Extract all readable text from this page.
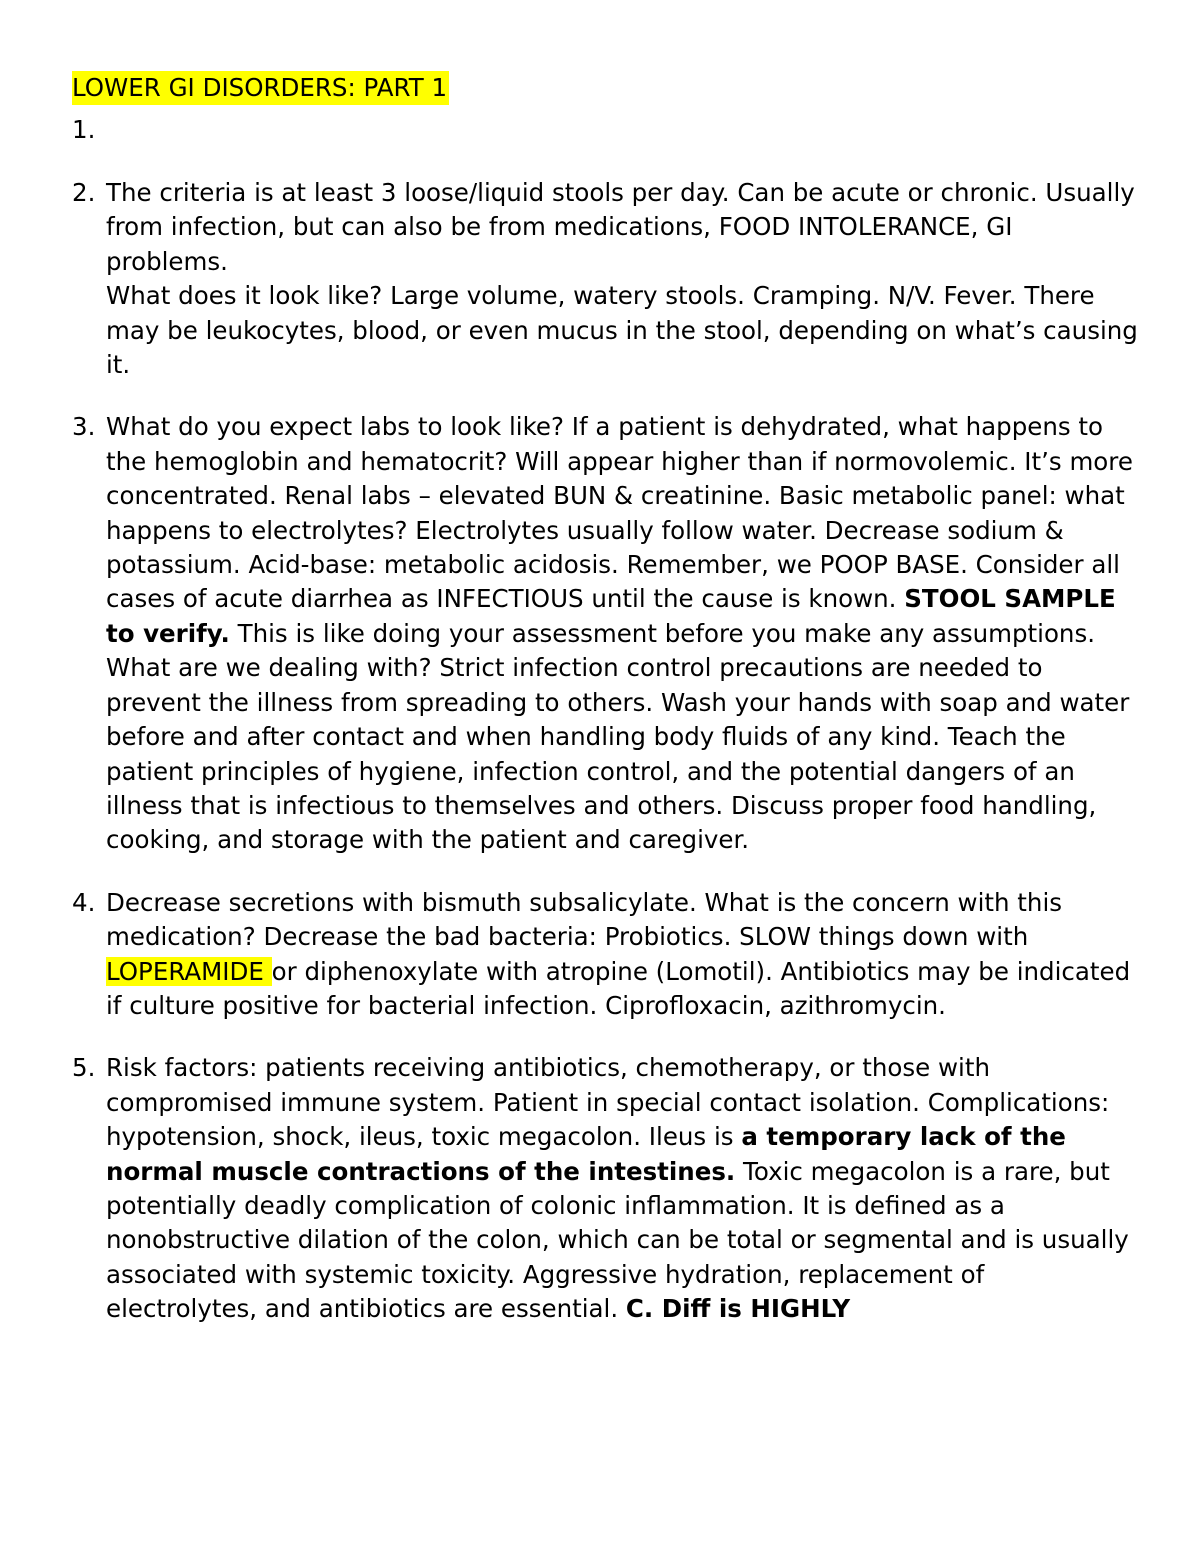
LOWER GI DISORDERS: PART 1
1.
2. The criteria is at least 3 loose/liquid stools per day. Can be acute or chronic. Usually from infection, but can also be from medications, FOOD INTOLERANCE, GI problems.
What does it look like? Large volume, watery stools. Cramping. N/V. Fever. There may be leukocytes, blood, or even mucus in the stool, depending on what’s causing it.
3. What do you expect labs to look like? If a patient is dehydrated, what happens to the hemoglobin and hematocrit? Will appear higher than if normovolemic. It’s more concentrated. Renal labs – elevated BUN & creatinine. Basic metabolic panel: what happens to electrolytes? Electrolytes usually follow water. Decrease sodium & potassium. Acid-base: metabolic acidosis. Remember, we POOP BASE. Consider all cases of acute diarrhea as INFECTIOUS until the cause is known. STOOL SAMPLE to verify. This is like doing your assessment before you make any assumptions. What are we dealing with? Strict infection control precautions are needed to prevent the illness from spreading to others. Wash your hands with soap and water before and after contact and when handling body fluids of any kind. Teach the patient principles of hygiene, infection control, and the potential dangers of an illness that is infectious to themselves and others. Discuss proper food handling, cooking, and storage with the patient and caregiver.
4. Decrease secretions with bismuth subsalicylate. What is the concern with this medication? Decrease the bad bacteria: Probiotics. SLOW things down with LOPERAMIDE or diphenoxylate with atropine (Lomotil). Antibiotics may be indicated if culture positive for bacterial infection. Ciprofloxacin, azithromycin.
5. Risk factors: patients receiving antibiotics, chemotherapy, or those with compromised immune system. Patient in special contact isolation. Complications: hypotension, shock, ileus, toxic megacolon. Ileus is a temporary lack of the normal muscle contractions of the intestines. Toxic megacolon is a rare, but potentially deadly complication of colonic inflammation. It is defined as a nonobstructive dilation of the colon, which can be total or segmental and is usually associated with systemic toxicity. Aggressive hydration, replacement of electrolytes, and antibiotics are essential. C. Diff is HIGHLY
